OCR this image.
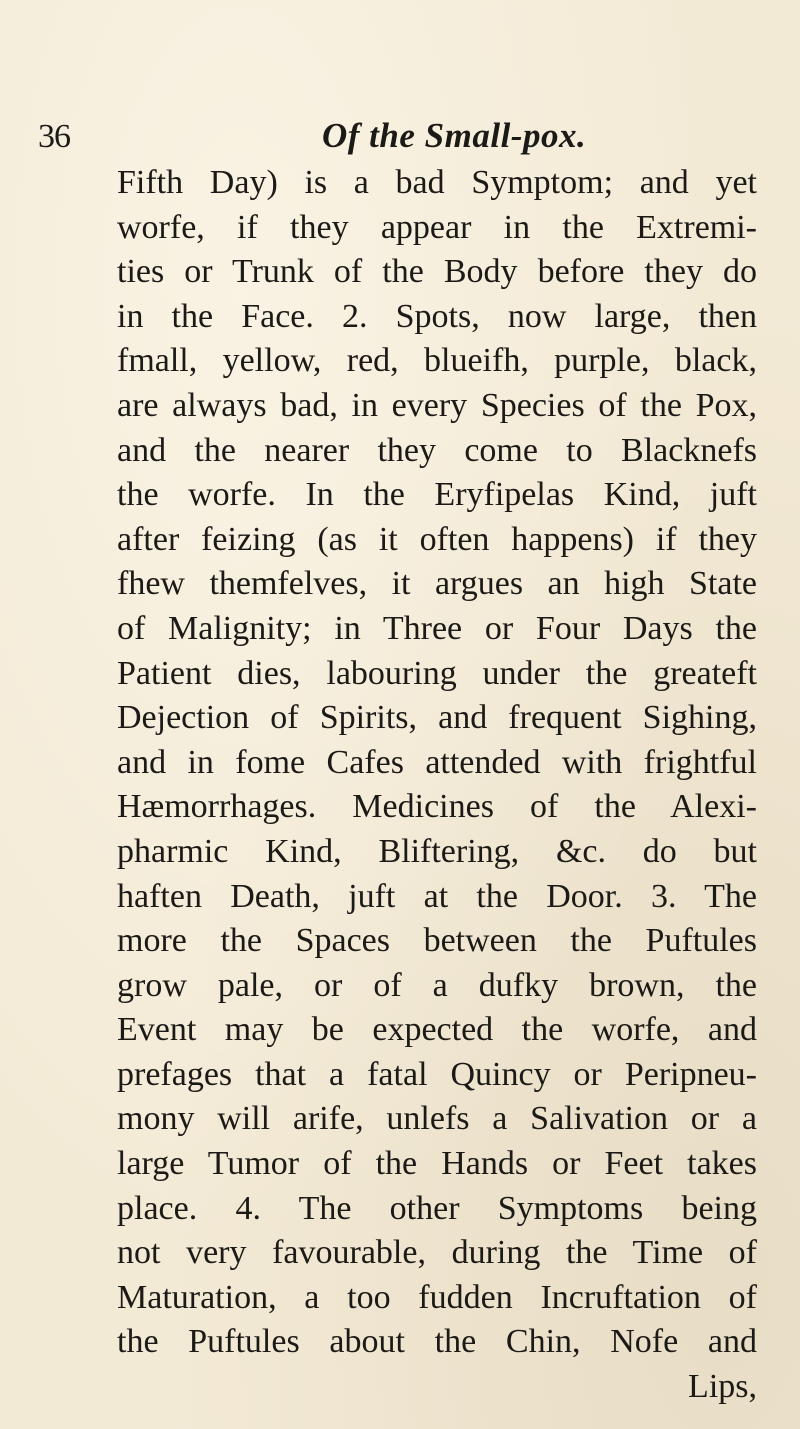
36	Of the Small-pox.
Fifth Day) is a bad Symptom; and yet
worfe, if they appear in the Extremi-
ties or Trunk of the Body before they do
in the Face. 2. Spots, now large, then
fmall, yellow, red, blueifh, purple, black,
are always bad, in every Species of the Pox,
and the nearer they come to Blacknefs
the worfe. In the Eryfipelas Kind, juft
after feizing (as it often happens) if they
fhew themfelves, it argues an high State
of Malignity; in Three or Four Days the
Patient dies, labouring under the greateft
Dejection of Spirits, and frequent Sighing,
and in fome Cafes attended with frightful
Hæmorrhages. Medicines of the Alexi-
pharmic Kind, Bliftering, &c. do but
haften Death, juft at the Door. 3. The
more the Spaces between the Puftules
grow pale, or of a dufky brown, the
Event may be expected the worfe, and
prefages that a fatal Quincy or Peripneu-
mony will arife, unlefs a Salivation or a
large Tumor of the Hands or Feet takes
place. 4. The other Symptoms being
not very favourable, during the Time of
Maturation, a too fudden Incruftation of
the Puftules about the Chin, Nofe and
Lips,
